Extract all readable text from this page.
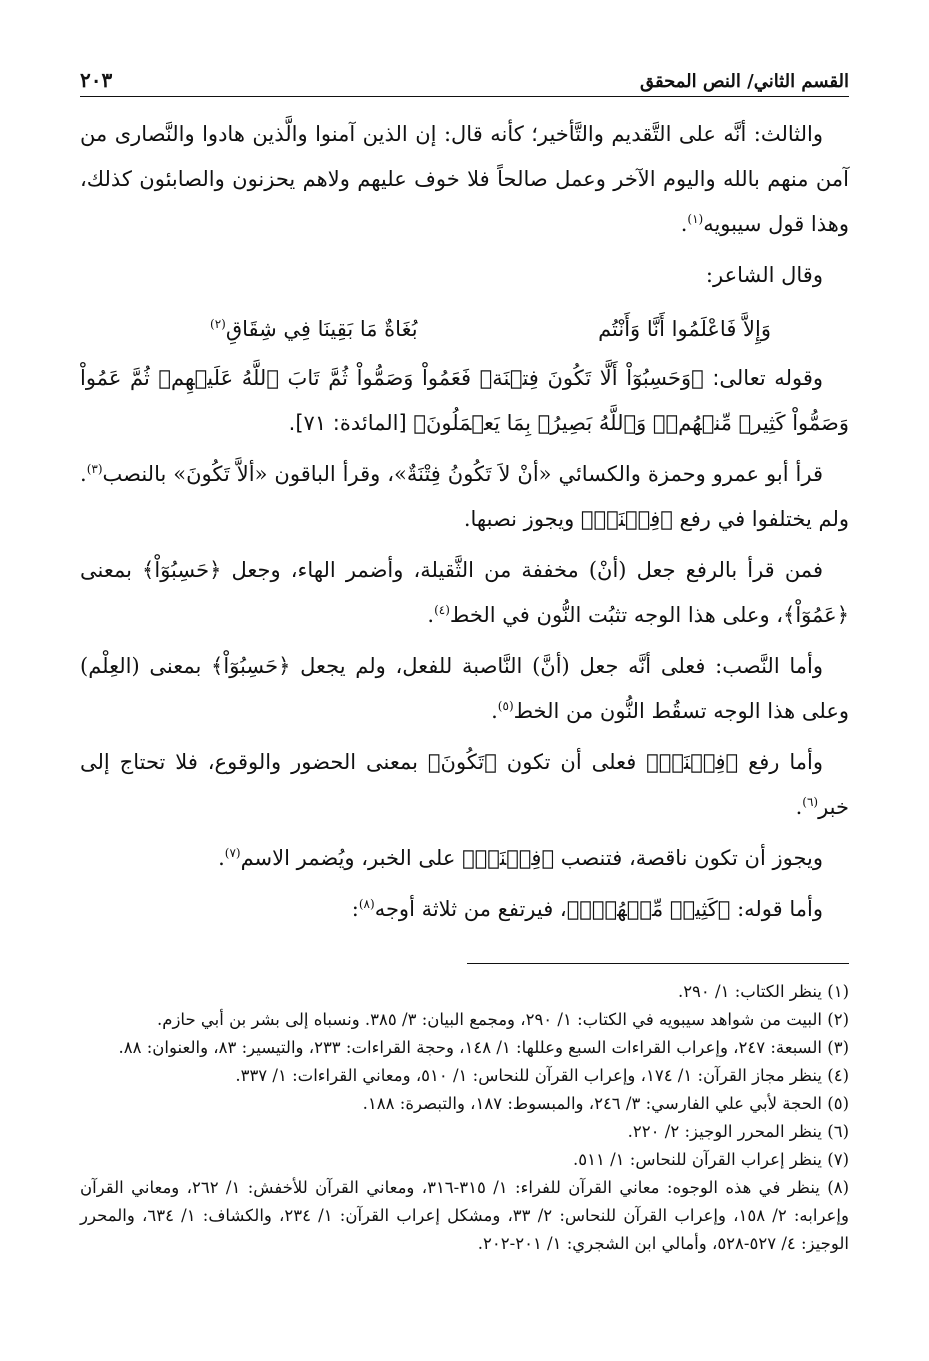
القسم الثاني/ النص المحقق
٢٠٣

والثالث: أنَّه على التَّقديم والتَّأخير؛ كأنه قال: إن الذين آمنوا والَّذين هادوا والنَّصارى من آمن منهم بالله واليوم الآخر وعمل صالحاً فلا خوف عليهم ولاهم يحزنون والصابئون كذلك، وهذا قول سيبويه$^{(١)}$.

وقال الشاعر:

وَإِلاَّ فَاعْلَمُوا أَنَّا وَأَنْتُم
بُغَاةٌ مَا بَقِينَا فِي شِقَاقِ$^{(٢)}$

وقوله تعالى: ﴿وَحَسِبُوٓاْ أَلَّا تَكُونَ فِتۡنَةٞ فَعَمُواْ وَصَمُّواْ ثُمَّ تَابَ ٱللَّهُ عَلَيۡهِمۡ ثُمَّ عَمُواْ وَصَمُّواْ كَثِيرٞ مِّنۡهُمۡۚ وَٱللَّهُ بَصِيرُۢ بِمَا يَعۡمَلُونَ﴾ [المائدة: ٧١].

قرأ أبو عمرو وحمزة والكسائي «أنْ لاَ تَكُونُ فِتْنَةٌ»، وقرأ الباقون «ألاَّ تَكُونَ» بالنصب$^{(٣)}$. ولم يختلفوا في رفع ﴿فِتۡنَةٞ﴾ ويجوز نصبها.

فمن قرأ بالرفع جعل (أنْ) مخففة من الثَّقيلة، وأضمر الهاء، وجعل ﴿حَسِبُوٓاْ﴾ بمعنى ﴿عَمُوٓاْ﴾، وعلى هذا الوجه تثبُت النُّون في الخط$^{(٤)}$.

وأما النَّصب: فعلى أنَّه جعل (أنَّ) النَّاصبة للفعل، ولم يجعل ﴿حَسِبُوٓاْ﴾ بمعنى (العِلْم) وعلى هذا الوجه تسقُط النُّون من الخط$^{(٥)}$.

وأما رفع ﴿فِتۡنَةٞ﴾ فعلى أن تكون ﴿تَكُونَ﴾ بمعنى الحضور والوقوع، فلا تحتاج إلى خبر$^{(٦)}$.

ويجوز أن تكون ناقصة، فتنصب ﴿فِتۡنَةٞ﴾ على الخبر، ويُضمر الاسم$^{(٧)}$.

وأما قوله: ﴿كَثِيرٞ مِّنۡهُمۡۚ﴾، فيرتفع من ثلاثة أوجه$^{(٨)}$:

(١) ينظر الكتاب: ١/ ٢٩٠.

(٢) البيت من شواهد سيبويه في الكتاب: ١/ ٢٩٠، ومجمع البيان: ٣/ ٣٨٥. ونسباه إلى بشر بن أبي حازم.

(٣) السبعة: ٢٤٧، وإعراب القراءات السبع وعللها: ١/ ١٤٨، وحجة القراءات: ٢٣٣، والتيسير: ٨٣، والعنوان: ٨٨.

(٤) ينظر مجاز القرآن: ١/ ١٧٤، وإعراب القرآن للنحاس: ١/ ٥١٠، ومعاني القراءات: ١/ ٣٣٧.

(٥) الحجة لأبي علي الفارسي: ٣/ ٢٤٦، والمبسوط: ١٨٧، والتبصرة: ١٨٨.

(٦) ينظر المحرر الوجيز: ٢/ ٢٢٠.

(٧) ينظر إعراب القرآن للنحاس: ١/ ٥١١.

(٨) ينظر في هذه الوجوه: معاني القرآن للفراء: ١/ ٣١٥-٣١٦، ومعاني القرآن للأخفش: ١/ ٢٦٢، ومعاني القرآن وإعرابه: ٢/ ١٥٨، وإعراب القرآن للنحاس: ٢/ ٣٣، ومشكل إعراب القرآن: ١/ ٢٣٤، والكشاف: ١/ ٦٣٤، والمحرر الوجيز: ٤/ ٥٢٧-٥٢٨، وأمالي ابن الشجري: ١/ ٢٠١-٢٠٢.
